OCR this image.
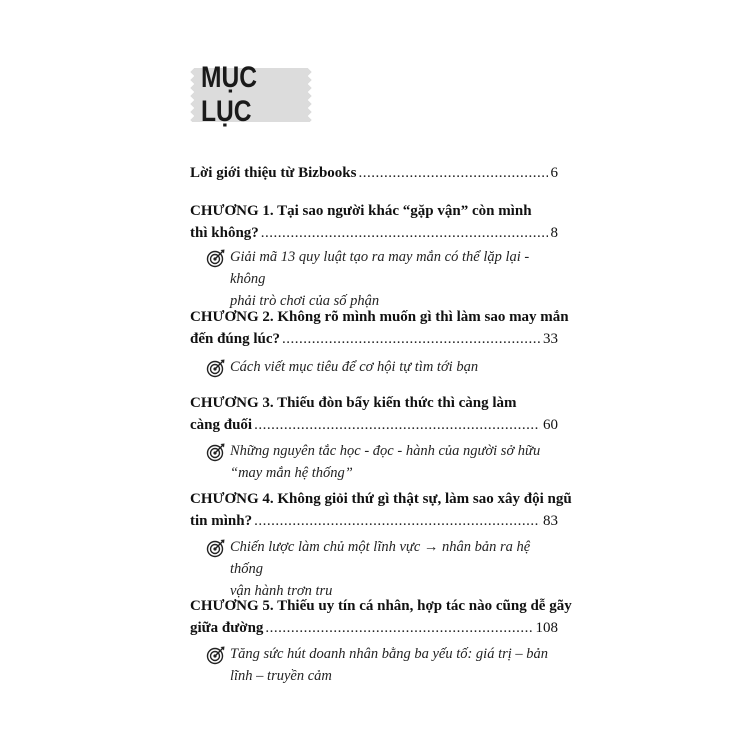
MỤC LỤC
Lời giới thiệu từ Bizbooks .....	6
CHƯƠNG 1. Tại sao người khác “gặp vận” còn mình
thì không? .....	8
Giải mã 13 quy luật tạo ra may mắn có thể lặp lại - không
phải trò chơi của số phận
CHƯƠNG 2. Không rõ mình muốn gì thì làm sao may mắn
đến đúng lúc? .....	33
Cách viết mục tiêu để cơ hội tự tìm tới bạn
CHƯƠNG 3. Thiếu đòn bẩy kiến thức thì càng làm
càng đuối .....	60
Những nguyên tắc học - đọc - hành của người sở hữu
“may mắn hệ thống”
CHƯƠNG 4. Không giỏi thứ gì thật sự, làm sao xây đội ngũ
tin mình? .....	83
Chiến lược làm chủ một lĩnh vực → nhân bản ra hệ thống
vận hành trơn tru
CHƯƠNG 5. Thiếu uy tín cá nhân, hợp tác nào cũng dễ gãy
giữa đường .....	108
Tăng sức hút doanh nhân bằng ba yếu tố: giá trị – bản
lĩnh – truyền cảm
